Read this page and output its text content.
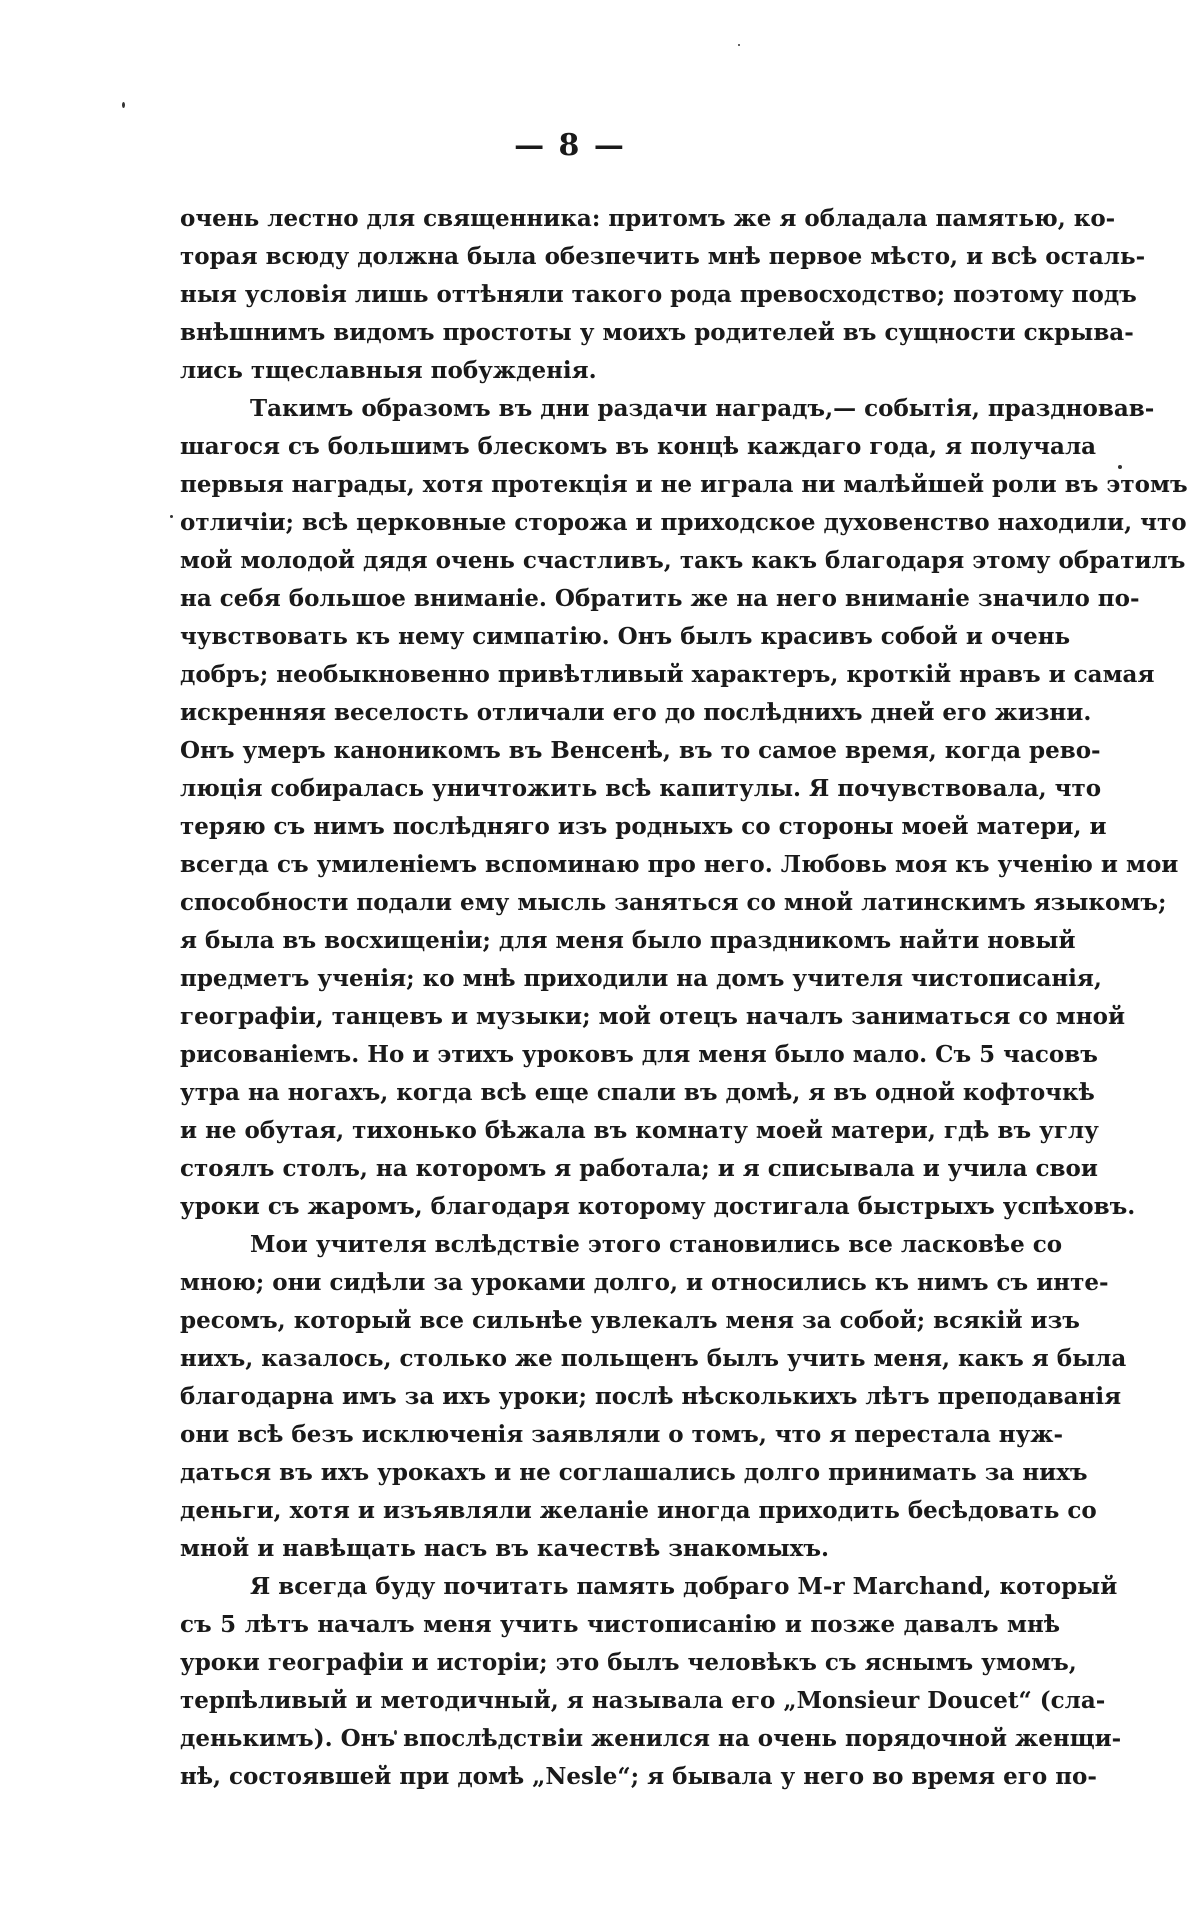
— 8 —
очень лестно для священника: притомъ же я обладала памятью, ко-
торая всюду должна была обезпечить мнѣ первое мѣсто, и всѣ осталь-
ныя условія лишь оттѣняли такого рода превосходство; поэтому подъ
внѣшнимъ видомъ простоты у моихъ родителей въ сущности скрыва-
лись тщеславныя побужденія.
Такимъ образомъ въ дни раздачи наградъ,— событія, праздновав-
шагося съ большимъ блескомъ въ концѣ каждаго года, я получала
первыя награды, хотя протекція и не играла ни малѣйшей роли въ этомъ
отличіи; всѣ церковные сторожа и приходское духовенство находили, что
мой молодой дядя очень счастливъ, такъ какъ благодаря этому обратилъ
на себя большое вниманіе. Обратить же на него вниманіе значило по-
чувствовать къ нему симпатію. Онъ былъ красивъ собой и очень
добръ; необыкновенно привѣтливый характеръ, кроткій нравъ и самая
искренняя веселость отличали его до послѣднихъ дней его жизни.
Онъ умеръ каноникомъ въ Венсенѣ, въ то самое время, когда рево-
люція собиралась уничтожить всѣ капитулы. Я почувствовала, что
теряю съ нимъ послѣдняго изъ родныхъ со стороны моей матери, и
всегда съ умиленіемъ вспоминаю про него. Любовь моя къ ученію и мои
способности подали ему мысль заняться со мной латинскимъ языкомъ;
я была въ восхищеніи; для меня было праздникомъ найти новый
предметъ ученія; ко мнѣ приходили на домъ учителя чистописанія,
географіи, танцевъ и музыки; мой отецъ началъ заниматься со мной
рисованіемъ. Но и этихъ уроковъ для меня было мало. Съ 5 часовъ
утра на ногахъ, когда всѣ еще спали въ домѣ, я въ одной кофточкѣ
и не обутая, тихонько бѣжала въ комнату моей матери, гдѣ въ углу
стоялъ столъ, на которомъ я работала; и я списывала и учила свои
уроки съ жаромъ, благодаря которому достигала быстрыхъ успѣховъ.
Мои учителя вслѣдствіе этого становились все ласковѣе со
мною; они сидѣли за уроками долго, и относились къ нимъ съ инте-
ресомъ, который все сильнѣе увлекалъ меня за собой; всякій изъ
нихъ, казалось, столько же польщенъ былъ учить меня, какъ я была
благодарна имъ за ихъ уроки; послѣ нѣсколькихъ лѣтъ преподаванія
они всѣ безъ исключенія заявляли о томъ, что я перестала нуж-
даться въ ихъ урокахъ и не соглашались долго принимать за нихъ
деньги, хотя и изъявляли желаніе иногда приходить бесѣдовать со
мной и навѣщать насъ въ качествѣ знакомыхъ.
Я всегда буду почитать память добраго M-r Marchand, который
съ 5 лѣтъ началъ меня учить чистописанію и позже давалъ мнѣ
уроки географіи и исторіи; это былъ человѣкъ съ яснымъ умомъ,
терпѣливый и методичный, я называла его „Monsieur Doucet“ (сла-
денькимъ). Онъ впослѣдствіи женился на очень порядочной женщи-
нѣ, состоявшей при домѣ „Nesle“; я бывала у него во время его по-
